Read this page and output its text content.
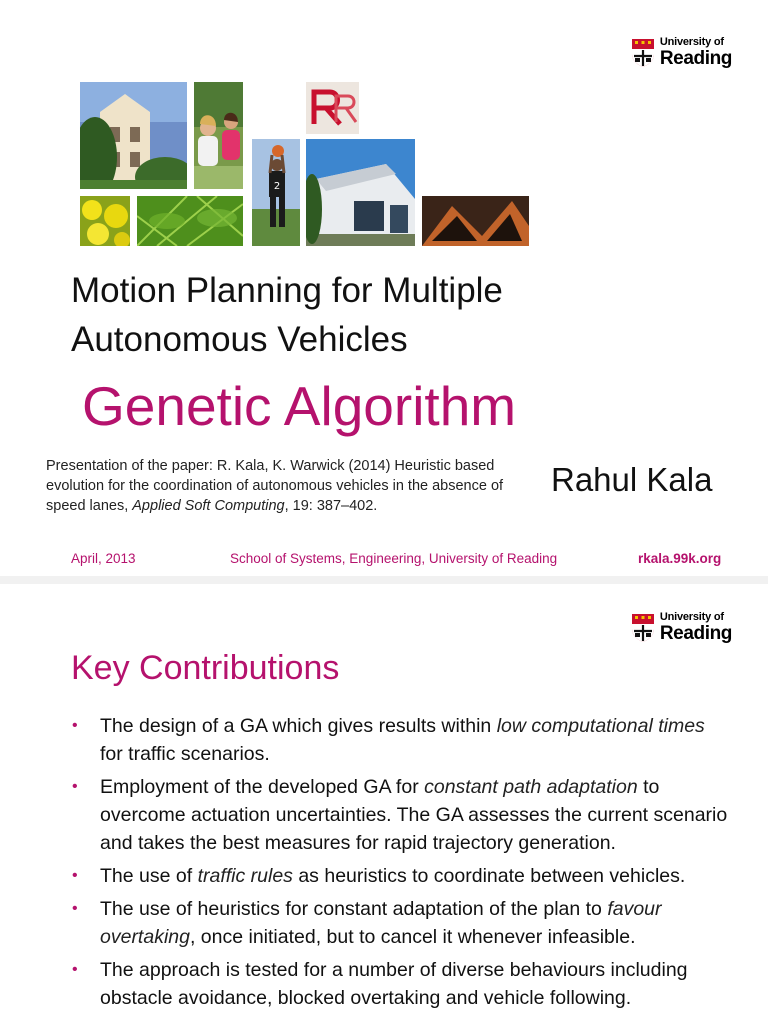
University of
Reading
2
Motion Planning for Multiple
Autonomous Vehicles
Genetic Algorithm
Presentation of the paper: R. Kala, K. Warwick (2014) Heuristic based evolution for the coordination of autonomous vehicles in the absence of speed lanes, Applied Soft Computing, 19: 387–402.
Rahul Kala
April, 2013	School of Systems, Engineering, University of Reading	rkala.99k.org
University of
Reading
Key Contributions
• The design of a GA which gives results within low computational times for traffic scenarios.
• Employment of the developed GA for constant path adaptation to overcome actuation uncertainties. The GA assesses the current scenario and takes the best measures for rapid trajectory generation.
• The use of traffic rules as heuristics to coordinate between vehicles.
• The use of heuristics for constant adaptation of the plan to favour overtaking, once initiated, but to cancel it whenever infeasible.
• The approach is tested for a number of diverse behaviours including obstacle avoidance, blocked overtaking and vehicle following.
